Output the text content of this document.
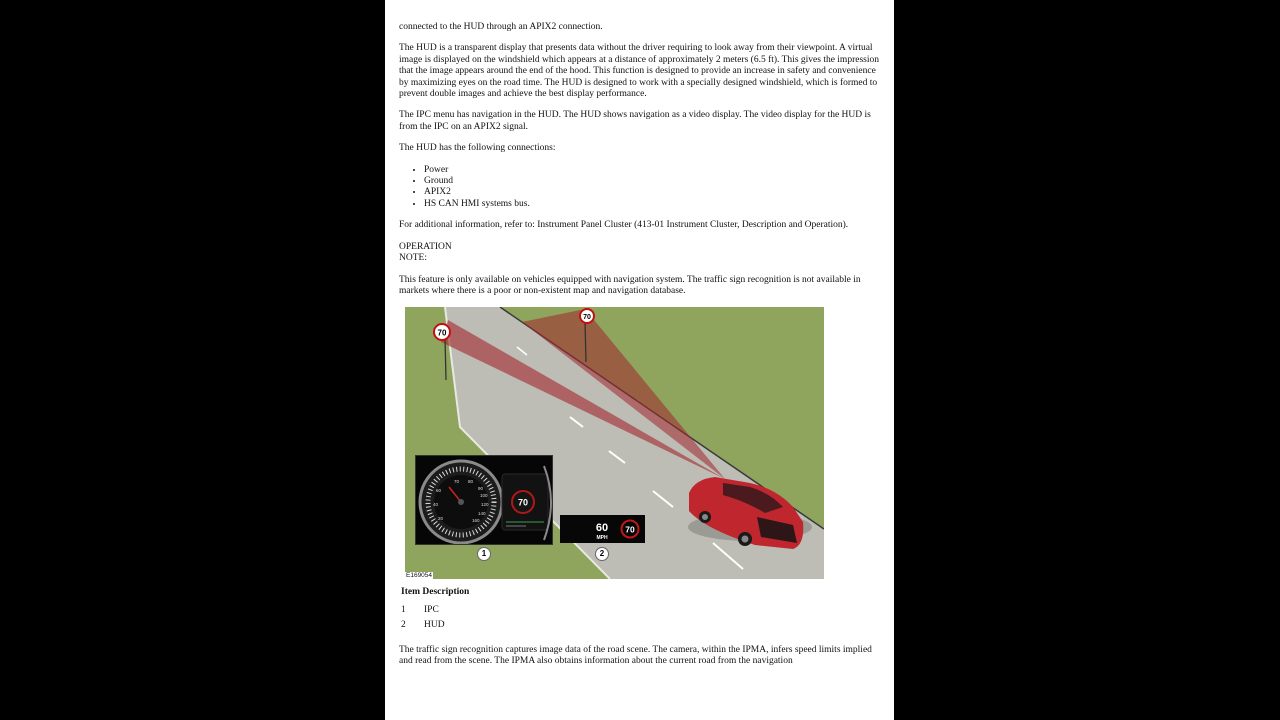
connected to the HUD through an APIX2 connection.

The HUD is a transparent display that presents data without the driver requiring to look away from their viewpoint. A virtual image is displayed on the windshield which appears at a distance of approximately 2 meters (6.5 ft). This gives the impression that the image appears around the end of the hood. This function is designed to provide an increase in safety and convenience by maximizing eyes on the road time. The HUD is designed to work with a specially designed windshield, which is formed to prevent double images and achieve the best display performance.

The IPC menu has navigation in the HUD. The HUD shows navigation as a video display. The video display for the HUD is from the IPC on an APIX2 signal.

The HUD has the following connections:

• Power
• Ground
• APIX2
• HS CAN HMI systems bus.

For additional information, refer to: Instrument Panel Cluster (413-01 Instrument Cluster, Description and Operation).

OPERATION
NOTE:

This feature is only available on vehicles equipped with navigation system. The traffic sign recognition is not available in markets where there is a poor or non-existent map and navigation database.

70
70
20
40
60
70 80
90
100
120
140
160
70
60
MPH
70
1	2
E169054
Item Description	
1	IPC
2	HUD

The traffic sign recognition captures image data of the road scene. The camera, within the IPMA, infers speed limits implied and read from the scene. The IPMA also obtains information about the current road from the navigation
